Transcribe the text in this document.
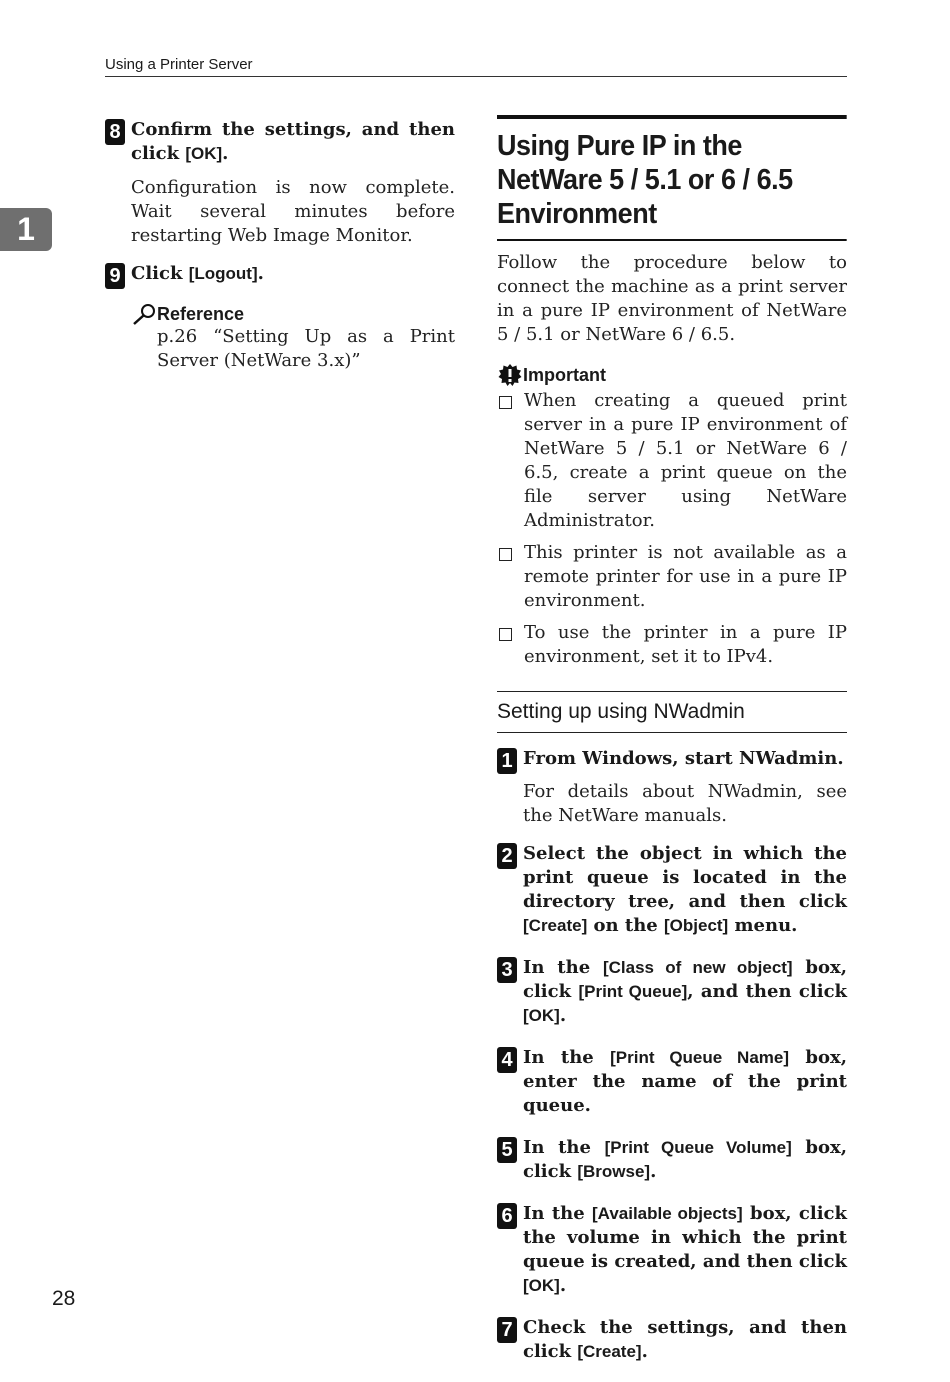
Using a Printer Server
1
8 Confirm the settings, and then click [OK].
Configuration is now complete. Wait several minutes before restarting Web Image Monitor.
9 Click [Logout].
Reference
p.26 “Setting Up as a Print Server (NetWare 3.x)”
Using Pure IP in the NetWare 5 / 5.1 or 6 / 6.5 Environment
Follow the procedure below to connect the machine as a print server in a pure IP environment of NetWare 5 / 5.1 or NetWare 6 / 6.5.
Important
When creating a queued print server in a pure IP environment of NetWare 5 / 5.1 or NetWare 6 / 6.5, create a print queue on the file server using NetWare Administrator.
This printer is not available as a remote printer for use in a pure IP environment.
To use the printer in a pure IP environment, set it to IPv4.
Setting up using NWadmin
1 From Windows, start NWadmin.
For details about NWadmin, see the NetWare manuals.
2 Select the object in which the print queue is located in the directory tree, and then click [Create] on the [Object] menu.
3 In the [Class of new object] box, click [Print Queue], and then click [OK].
4 In the [Print Queue Name] box, enter the name of the print queue.
5 In the [Print Queue Volume] box, click [Browse].
6 In the [Available objects] box, click the volume in which the print queue is created, and then click [OK].
7 Check the settings, and then click [Create].
28
